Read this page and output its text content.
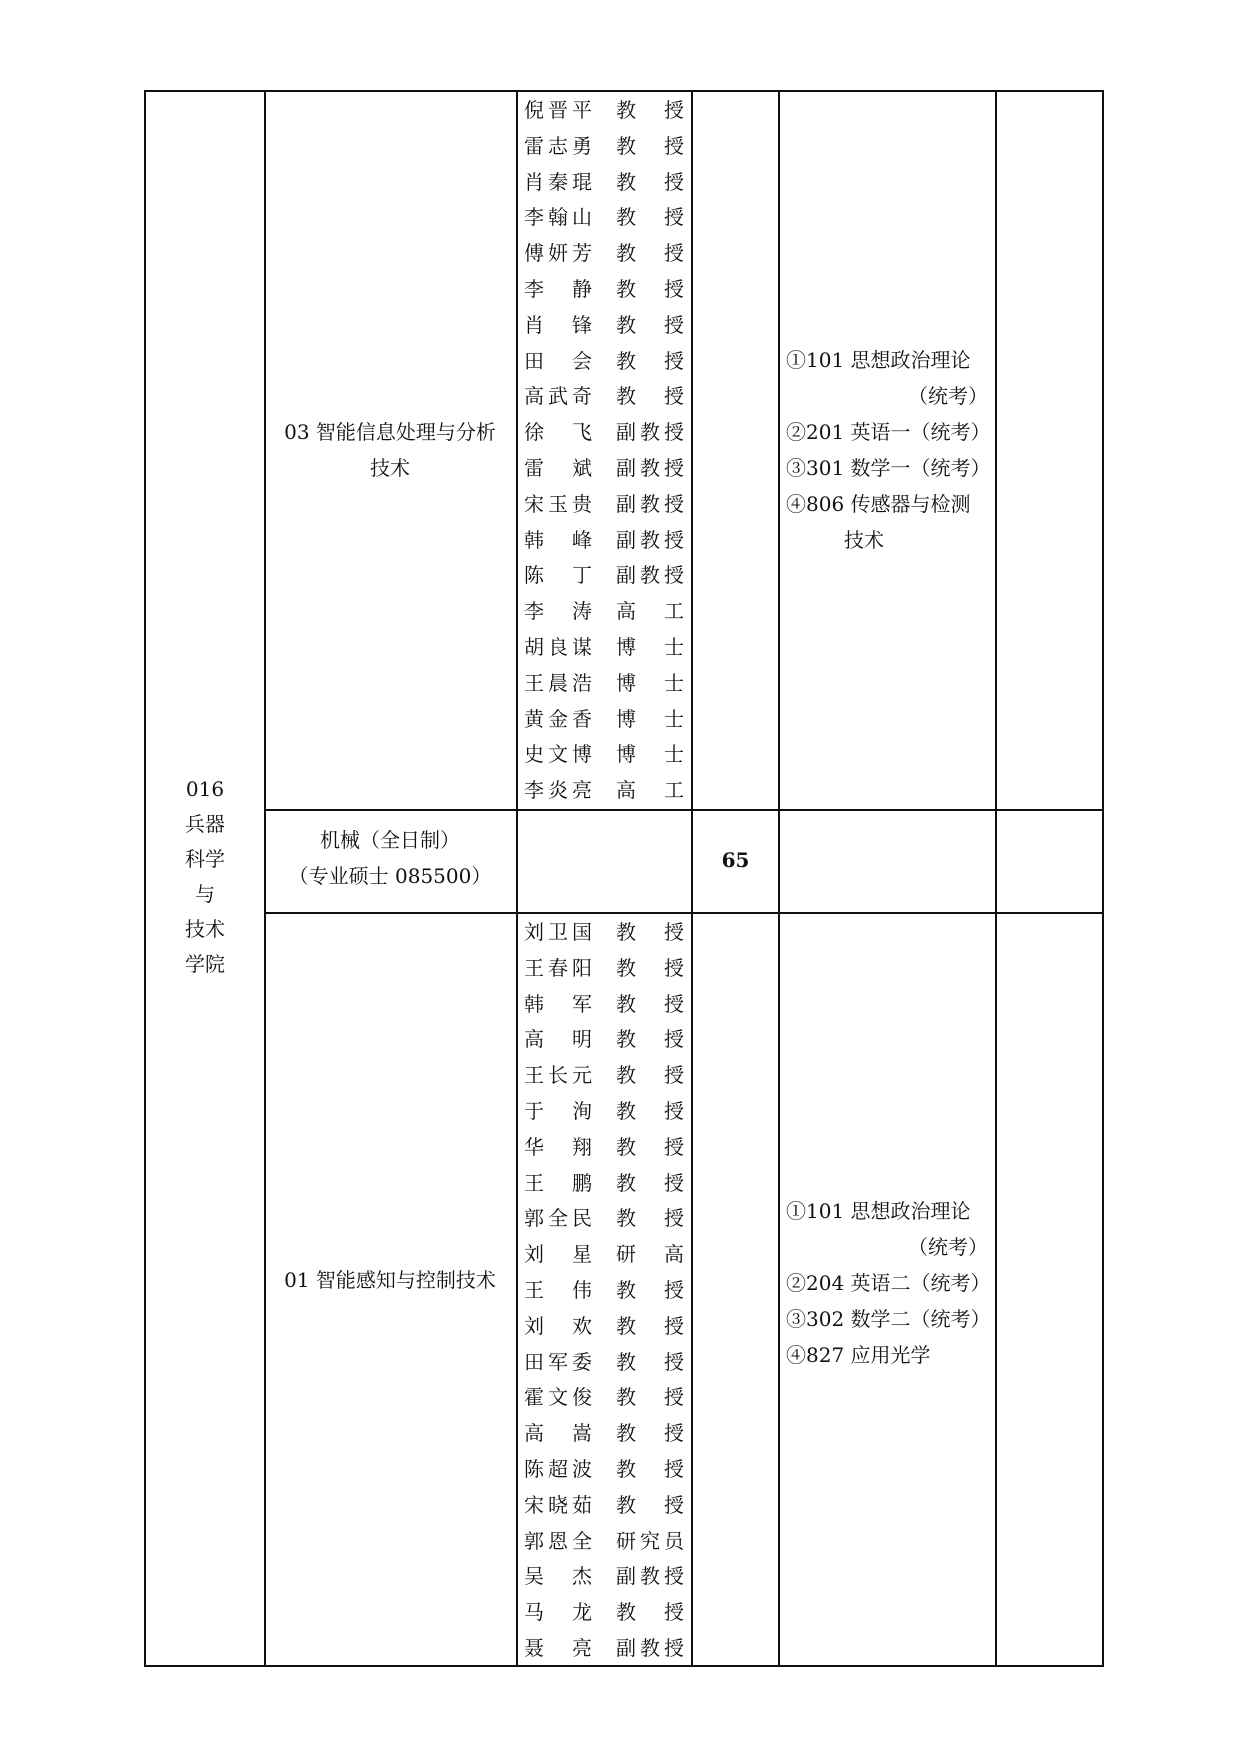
016
兵器
科学
与
技术
学院
03 智能信息处理与分析
技术
①101 思想政治理论
（统考）
②201 英语一（统考）
③301 数学一（统考）
④806 传感器与检测
技术
机械（全日制）
（专业硕士 085500）
65
01 智能感知与控制技术
①101 思想政治理论
（统考）
②204 英语二（统考）
③302 数学二（统考）
④827 应用光学
倪 晋 平 教 授
雷 志 勇 教 授
肖 秦 琨 教 授
李 翰 山 教 授
傅 妍 芳 教 授
李 静 教 授
肖 锋 教 授
田 会 教 授
高 武 奇 教 授
徐 飞 副 教 授
雷 斌 副 教 授
宋 玉 贵 副 教 授
韩 峰 副 教 授
陈 丁 副 教 授
李 涛 高 工
胡 良 谋 博 士
王 晨 浩 博 士
黄 金 香 博 士
史 文 博 博 士
李 炎 亮 高 工
刘 卫 国 教 授
王 春 阳 教 授
韩 军 教 授
高 明 教 授
王 长 元 教 授
于 洵 教 授
华 翔 教 授
王 鹏 教 授
郭 全 民 教 授
刘 星 研 高
王 伟 教 授
刘 欢 教 授
田 军 委 教 授
霍 文 俊 教 授
高 嵩 教 授
陈 超 波 教 授
宋 晓 茹 教 授
郭 恩 全 研 究 员
吴 杰 副 教 授
马 龙 教 授
聂 亮 副 教 授
